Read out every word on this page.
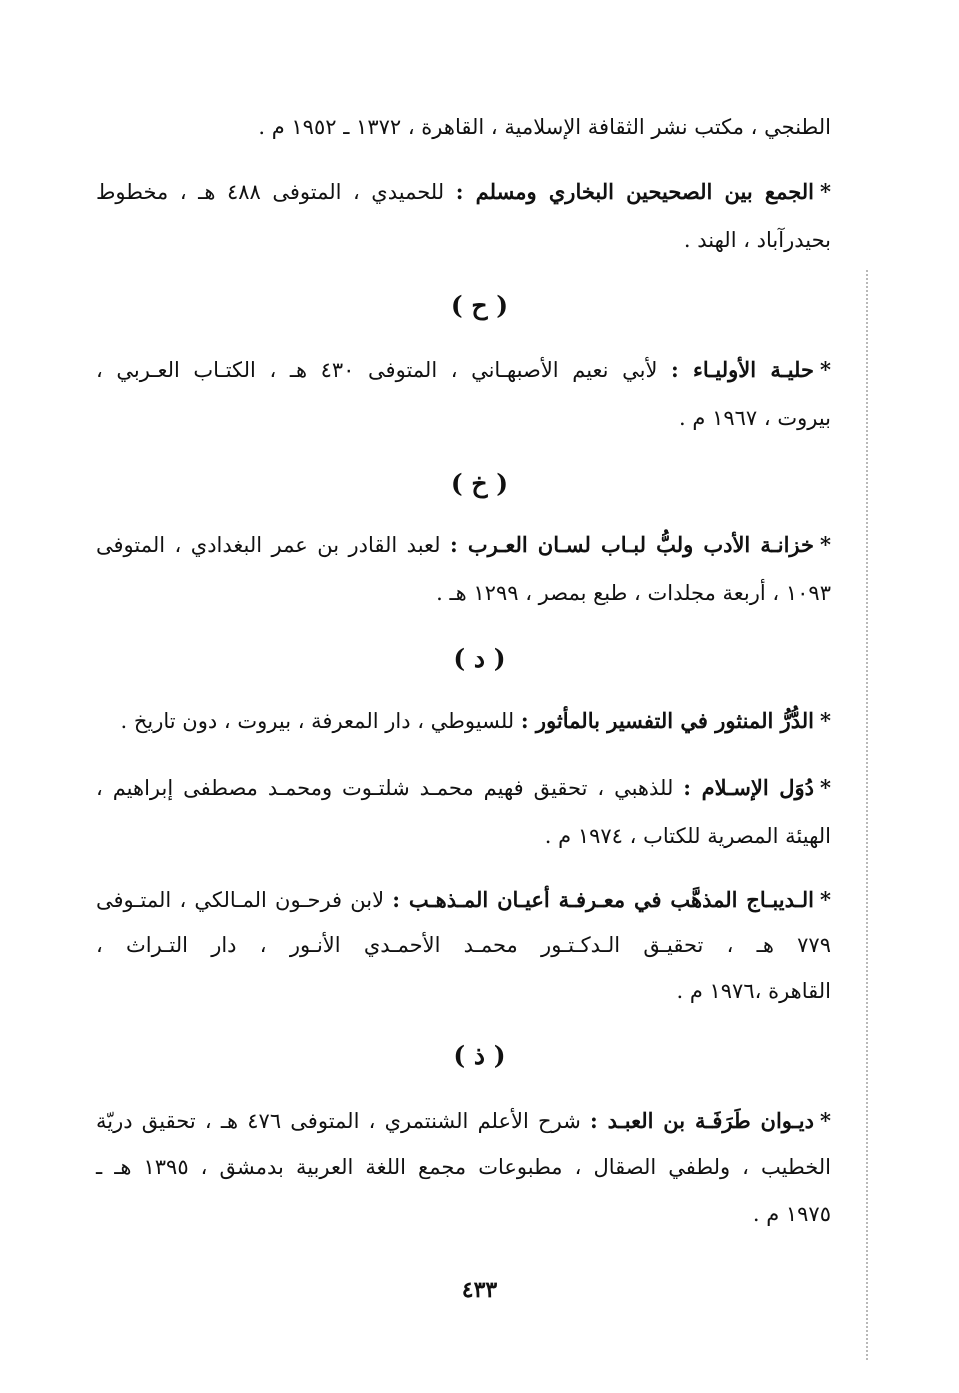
الطنجي ، مكتب نشر الثقافة الإسلامية ، القاهرة ، ١٣٧٢ ـ ١٩٥٢ م .
*الجمع بين الصحيحين البخاري ومسلم : للحميدي ، المتوفى ٤٨٨ هـ ، مخطوط
بحيدرآباد ، الهند .
( ح )
*حليـة الأوليـاء : لأبي نعيم الأصبهـاني ، المتوفى ٤٣٠ هـ ، الكتـاب العـربي ،
بيروت ، ١٩٦٧ م .
( خ )
*خزانـة الأدب ولبُّ لبـاب لسـان العـرب : لعبد القادر بن عمر البغدادي ، المتوفى
١٠٩٣ ، أربعة مجلدات ، طبع بمصر ، ١٢٩٩ هـ .
( د )
*الدُّرُّ المنثور في التفسير بالمأثور : للسيوطي ، دار المعرفة ، بيروت ، دون تاريخ .
*دُوَل الإسـلام : للذهبي ، تحقيق فهيم محمـد شلتـوت ومحمـد مصطفى إبراهيم ،
الهيئة المصرية للكتاب ، ١٩٧٤ م .
*الـديبـاج المذهَّب في معـرفـة أعيـان المـذهـب : لابن فرحـون المـالكي ، المتـوفى
٧٧٩ هـ ، تحقيـق الـدكـتـور محمـد الأحمـدي الأنـور ، دار التـراث ،
القاهرة ،١٩٧٦ م .
( ذ )
*ديـوان طَرَفَـة بن العبـد : شرح الأعلم الشنتمري ، المتوفى ٤٧٦ هـ ، تحقيق دريّة
الخطيب ، ولطفي الصقال ، مطبوعات مجمع اللغة العربية بدمشق ، ١٣٩٥ هـ ـ
١٩٧٥ م .
٤٣٣
